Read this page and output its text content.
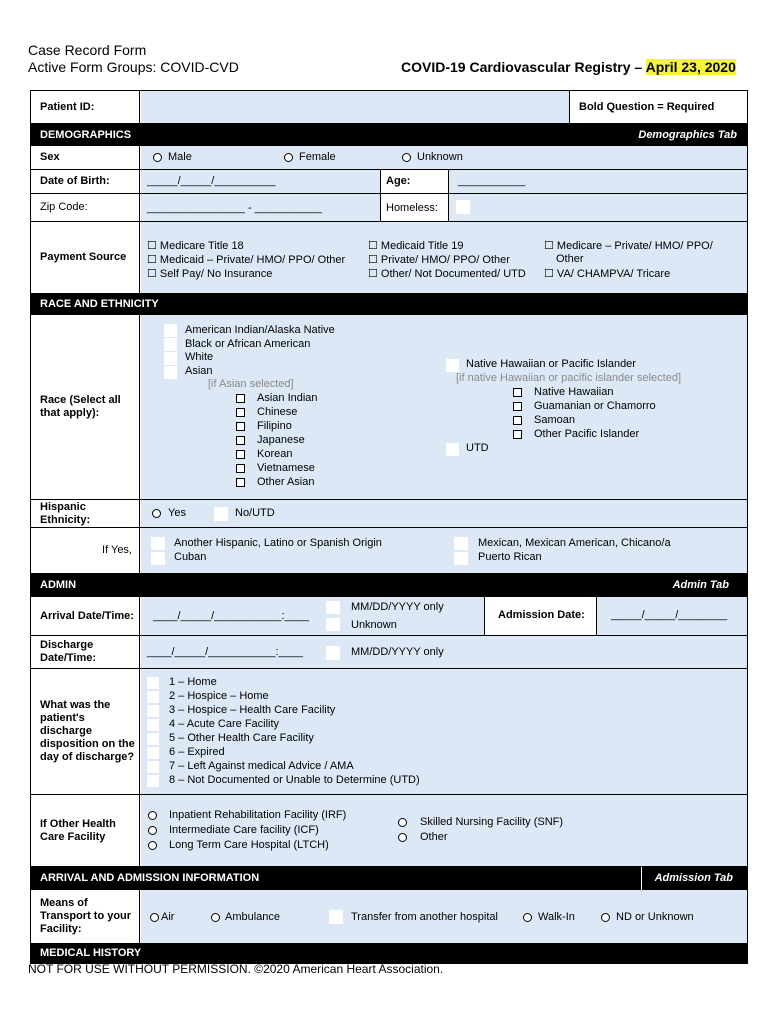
Case Record Form
Active Form Groups: COVID-CVD	COVID-19 Cardiovascular Registry – April 23, 2020
Patient ID:	Bold Question = Required
DEMOGRAPHICS	Demographics Tab
Sex	Male	Female	Unknown
Date of Birth:	_____/_____/__________	Age:	___________
Zip Code:	________________ - ___________	Homeless:
Payment Source
☐ Medicare Title 18
☐ Medicaid – Private/ HMO/ PPO/ Other
☐ Self Pay/ No Insurance
☐ Medicaid Title 19
☐ Private/ HMO/ PPO/ Other
☐ Other/ Not Documented/ UTD
☐ Medicare – Private/ HMO/ PPO/
Other
☐ VA/ CHAMPVA/ Tricare
RACE AND ETHNICITY
Race (Select all that apply):
American Indian/Alaska Native
Black or African American
White
Asian
[if Asian selected]
Asian Indian
Chinese
Filipino
Japanese
Korean
Vietnamese
Other Asian
Native Hawaiian or Pacific Islander
[if native Hawaiian or pacific islander selected]
Native Hawaiian
Guamanian or Chamorro
Samoan
Other Pacific Islander
UTD
Hispanic Ethnicity:
Yes	No/UTD
If Yes,
Another Hispanic, Latino or Spanish Origin
Cuban
Mexican, Mexican American, Chicano/a
Puerto Rican
ADMIN	Admin Tab
Arrival Date/Time:	____/_____/___________:____
MM/DD/YYYY only
Unknown
Admission Date:	_____/_____/________
Discharge Date/Time:	____/_____/___________:____	MM/DD/YYYY only
What was the patient's discharge disposition on the day of discharge?
1 – Home
2 – Hospice – Home
3 – Hospice – Health Care Facility
4 – Acute Care Facility
5 – Other Health Care Facility
6 – Expired
7 – Left Against medical Advice / AMA
8 – Not Documented or Unable to Determine (UTD)
If Other Health Care Facility
Inpatient Rehabilitation Facility (IRF)
Intermediate Care facility (ICF)
Long Term Care Hospital (LTCH)
Skilled Nursing Facility (SNF)
Other
ARRIVAL AND ADMISSION INFORMATION	Admission Tab
Means of Transport to your Facility:
Air	Ambulance	Transfer from another hospital	Walk-In	ND or Unknown
MEDICAL HISTORY
NOT FOR USE WITHOUT PERMISSION. ©2020 American Heart Association.
